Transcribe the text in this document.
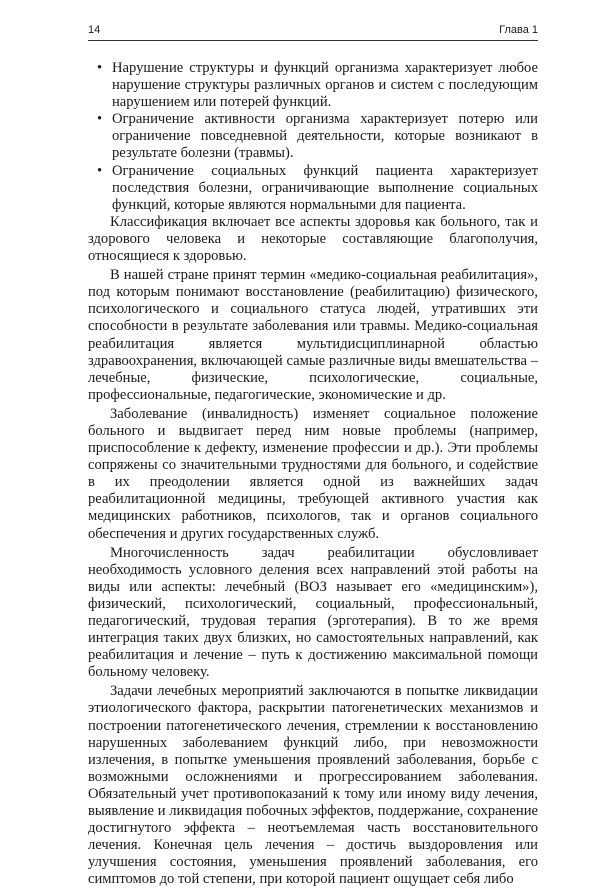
14	Глава 1
• Нарушение структуры и функций организма характеризует любое нарушение структуры различных органов и систем с последующим нарушением или потерей функций.
• Ограничение активности организма характеризует потерю или ограничение повседневной деятельности, которые возникают в результате болезни (травмы).
• Ограничение социальных функций пациента характеризует последствия болезни, ограничивающие выполнение социальных функций, которые являются нормальными для пациента.

Классификация включает все аспекты здоровья как больного, так и здорового человека и некоторые составляющие благополучия, относящиеся к здоровью.

В нашей стране принят термин «медико-социальная реабилитация», под которым понимают восстановление (реабилитацию) физического, психологического и социального статуса людей, утративших эти способности в результате заболевания или травмы. Медико-социальная реабилитация является мультидисциплинарной областью здравоохранения, включающей самые различные виды вмешательства – лечебные, физические, психологические, социальные, профессиональные, педагогические, экономические и др.

Заболевание (инвалидность) изменяет социальное положение больного и выдвигает перед ним новые проблемы (например, приспособление к дефекту, изменение профессии и др.). Эти проблемы сопряжены со значительными трудностями для больного, и содействие в их преодолении является одной из важнейших задач реабилитационной медицины, требующей активного участия как медицинских работников, психологов, так и органов социального обеспечения и других государственных служб.

Многочисленность задач реабилитации обусловливает необходимость условного деления всех направлений этой работы на виды или аспекты: лечебный (ВОЗ называет его «медицинским»), физический, психологический, социальный, профессиональный, педагогический, трудовая терапия (эрготерапия). В то же время интеграция таких двух близких, но самостоятельных направлений, как реабилитация и лечение – путь к достижению максимальной помощи больному человеку.

Задачи лечебных мероприятий заключаются в попытке ликвидации этиологического фактора, раскрытии патогенетических механизмов и построении патогенетического лечения, стремлении к восстановлению нарушенных заболеванием функций либо, при невозможности излечения, в попытке уменьшения проявлений заболевания, борьбе с возможными осложнениями и прогрессированием заболевания. Обязательный учет противопоказаний к тому или иному виду лечения, выявление и ликвидация побочных эффектов, поддержание, сохранение достигнутого эффекта – неотъемлемая часть восстановительного лечения. Конечная цель лечения – достичь выздоровления или улучшения состояния, уменьшения проявлений заболевания, его симптомов до той степени, при которой пациент ощущает себя либо
